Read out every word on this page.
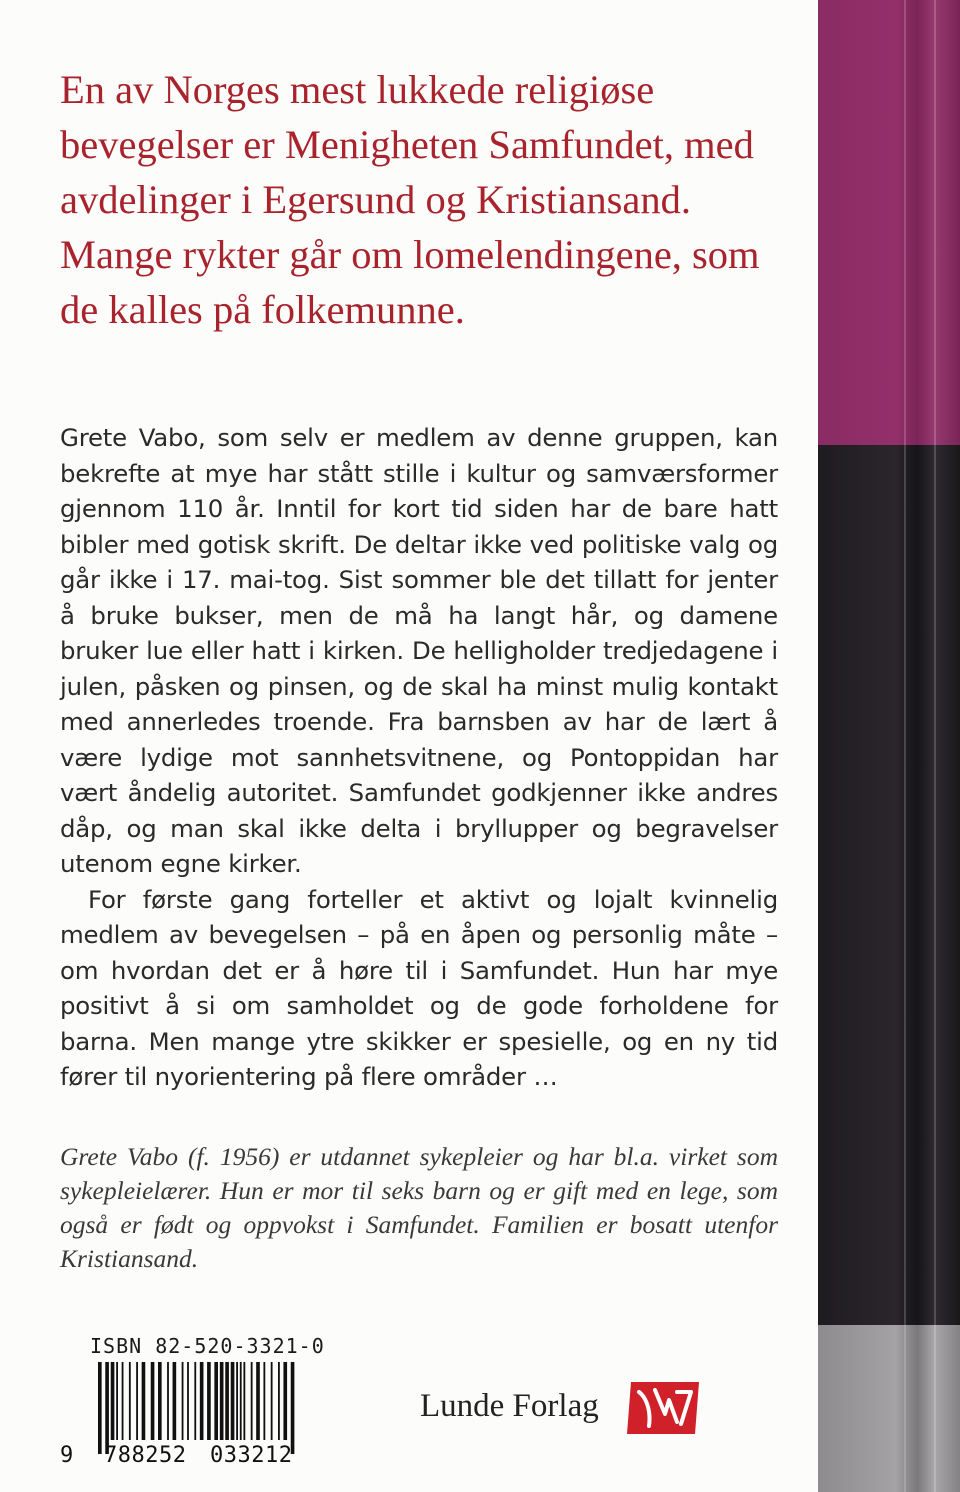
En av Norges mest lukkede religiøse bevegelser er Menigheten Samfundet, med avdelinger i Egersund og Kristiansand. Mange rykter går om lomelendingene, som de kalles på folkemunne.

Grete Vabo, som selv er medlem av denne gruppen, kan bekrefte at mye har stått stille i kultur og samværsformer gjennom 110 år. Inntil for kort tid siden har de bare hatt bibler med gotisk skrift. De deltar ikke ved politiske valg og går ikke i 17. mai-tog. Sist sommer ble det tillatt for jenter å bruke bukser, men de må ha langt hår, og damene bruker lue eller hatt i kirken. De helligholder tredjedagene i julen, påsken og pinsen, og de skal ha minst mulig kontakt med annerledes troende. Fra barnsben av har de lært å være lydige mot sannhetsvitnene, og Pontoppidan har vært åndelig autoritet. Samfundet godkjenner ikke andres dåp, og man skal ikke delta i bryllupper og begravelser utenom egne kirker.

For første gang forteller et aktivt og lojalt kvinnelig medlem av bevegelsen – på en åpen og personlig måte – om hvordan det er å høre til i Samfundet. Hun har mye positivt å si om samholdet og de gode forholdene for barna. Men mange ytre skikker er spesielle, og en ny tid fører til nyorientering på flere områder …

Grete Vabo (f. 1956) er utdannet sykepleier og har bl.a. virket som sykepleielærer. Hun er mor til seks barn og er gift med en lege, som også er født og oppvokst i Samfundet. Familien er bosatt utenfor Kristiansand.

ISBN 82-520-3321-0

9 788252 033212

Lunde Forlag
